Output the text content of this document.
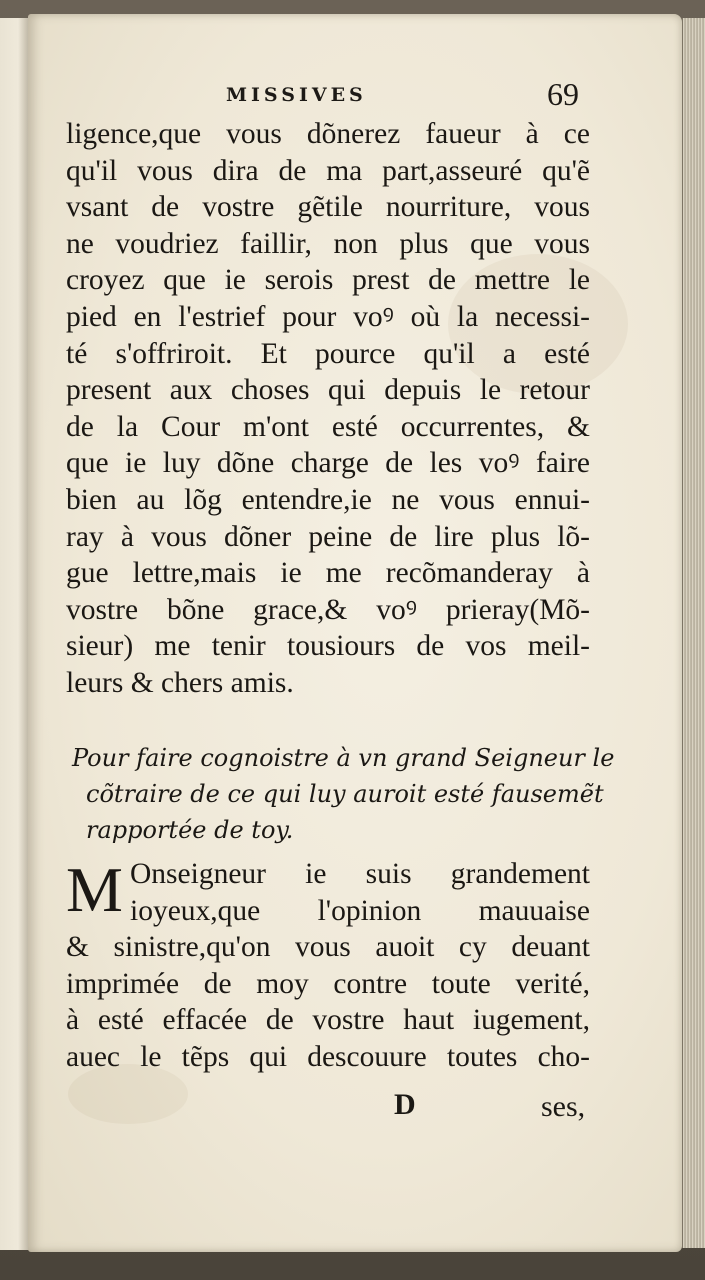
MISSIVES	69
ligence,que vous dõnerez faueur à ce
qu'il vous dira de ma part,asseuré qu'ẽ
vsant de vostre gẽtile nourriture, vous
ne voudriez faillir, non plus que vous
croyez que ie serois prest de mettre le
pied en l'estrief pour voꝰ où la necessi-
té s'offriroit. Et pource qu'il a esté
present aux choses qui depuis le retour
de la Cour m'ont esté occurrentes, &
que ie luy dõne charge de les voꝰ faire
bien au lõg entendre,ie ne vous ennui-
ray à vous dõner peine de lire plus lõ-
gue lettre,mais ie me recõmanderay à
vostre bõne grace,& voꝰ prieray(Mõ-
sieur) me tenir tousiours de vos meil-
leurs & chers amis.
Pour faire cognoistre à vn grand Seigneur le
cõtraire de ce qui luy auroit esté fausemẽt
rapportée de toy.
M Onseigneur ie suis grandement
ioyeux,que l'opinion mauuaise
& sinistre,qu'on vous auoit cy deuant
imprimée de moy contre toute verité,
à esté effacée de vostre haut iugement,
auec le tẽps qui descouure toutes cho-
D	ses,
